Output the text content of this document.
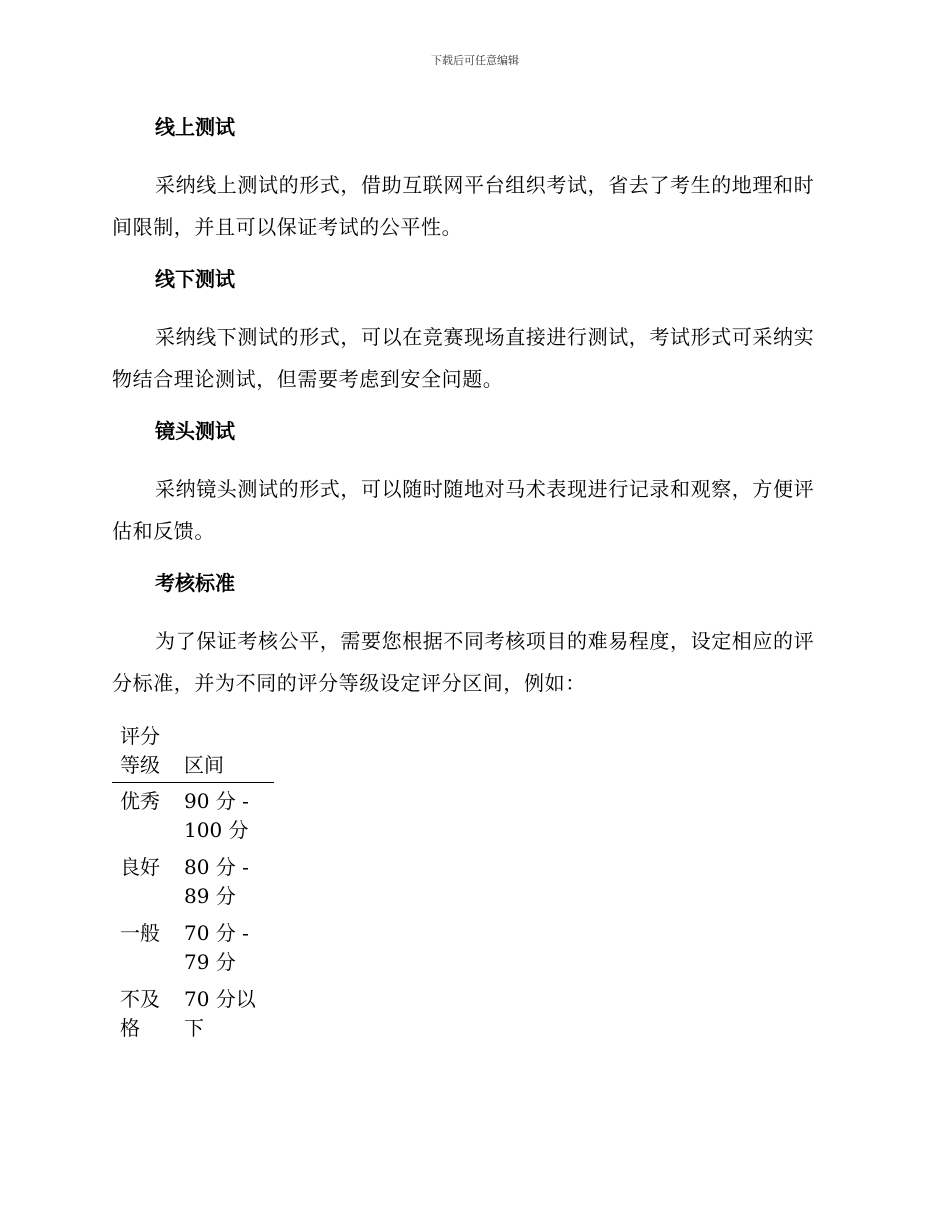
下载后可任意编辑
线上测试

采纳线上测试的形式，借助互联网平台组织考试，省去了考生的地理和时间限制，并且可以保证考试的公平性。

线下测试

采纳线下测试的形式，可以在竞赛现场直接进行测试，考试形式可采纳实物结合理论测试，但需要考虑到安全问题。

镜头测试

采纳镜头测试的形式，可以随时随地对马术表现进行记录和观察，方便评估和反馈。

考核标准

为了保证考核公平，需要您根据不同考核项目的难易程度，设定相应的评分标准，并为不同的评分等级设定评分区间，例如：

评分等级	区间
优秀	90 分 - 100 分
良好	80 分 - 89 分
一般	70 分 - 79 分
不及格	70 分以下
